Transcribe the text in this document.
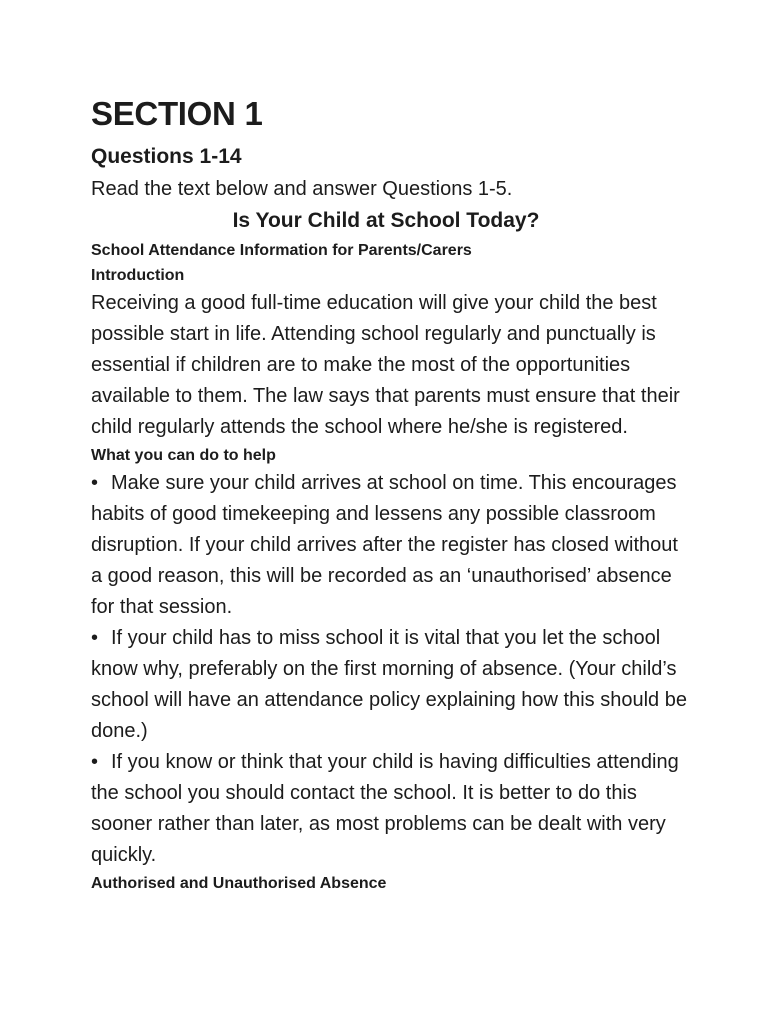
SECTION 1
Questions 1-14

Read the text below and answer Questions 1-5.

Is Your Child at School Today?

School Attendance Information for Parents/Carers

Introduction

Receiving a good full-time education will give your child the best possible start in life. Attending school regularly and punctually is essential if children are to make the most of the opportunities available to them. The law says that parents must ensure that their child regularly attends the school where he/she is registered.

What you can do to help

• Make sure your child arrives at school on time. This encourages habits of good timekeeping and lessens any possible classroom disruption. If your child arrives after the register has closed without a good reason, this will be recorded as an ‘unauthorised’ absence for that session.

• If your child has to miss school it is vital that you let the school know why, preferably on the first morning of absence. (Your child’s school will have an attendance policy explaining how this should be done.)

• If you know or think that your child is having difficulties attending the school you should contact the school. It is better to do this sooner rather than later, as most problems can be dealt with very quickly.

Authorised and Unauthorised Absence
